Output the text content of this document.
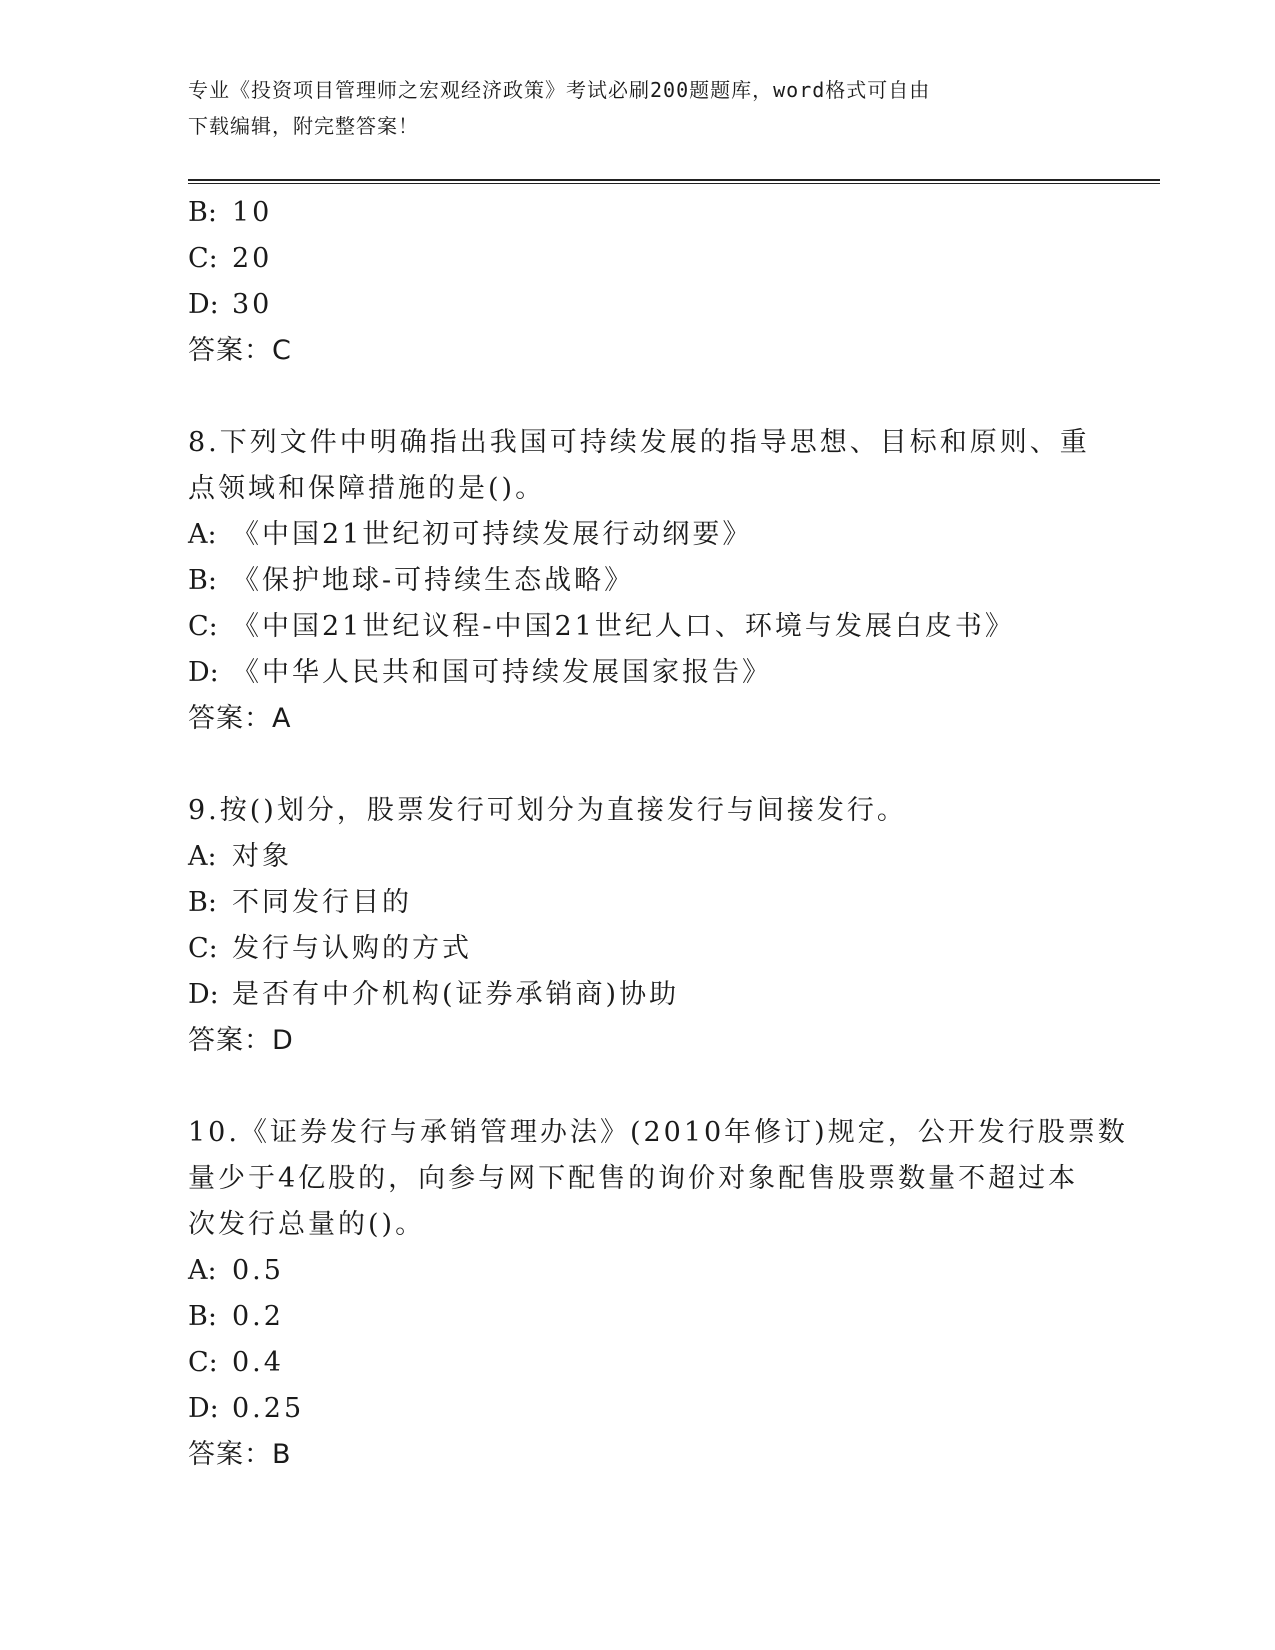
专业《投资项目管理师之宏观经济政策》考试必刷200题题库，word格式可自由
下载编辑，附完整答案！
B: 10
C: 20
D: 30
答案：C
8.下列文件中明确指出我国可持续发展的指导思想、目标和原则、重
点领域和保障措施的是()。
A: 《中国21世纪初可持续发展行动纲要》
B: 《保护地球-可持续生态战略》
C: 《中国21世纪议程-中国21世纪人口、环境与发展白皮书》
D: 《中华人民共和国可持续发展国家报告》
答案：A
9.按()划分，股票发行可划分为直接发行与间接发行。
A: 对象
B: 不同发行目的
C: 发行与认购的方式
D: 是否有中介机构(证券承销商)协助
答案：D
10.《证券发行与承销管理办法》(2010年修订)规定，公开发行股票数
量少于4亿股的，向参与网下配售的询价对象配售股票数量不超过本
次发行总量的()。
A: 0.5
B: 0.2
C: 0.4
D: 0.25
答案：B
